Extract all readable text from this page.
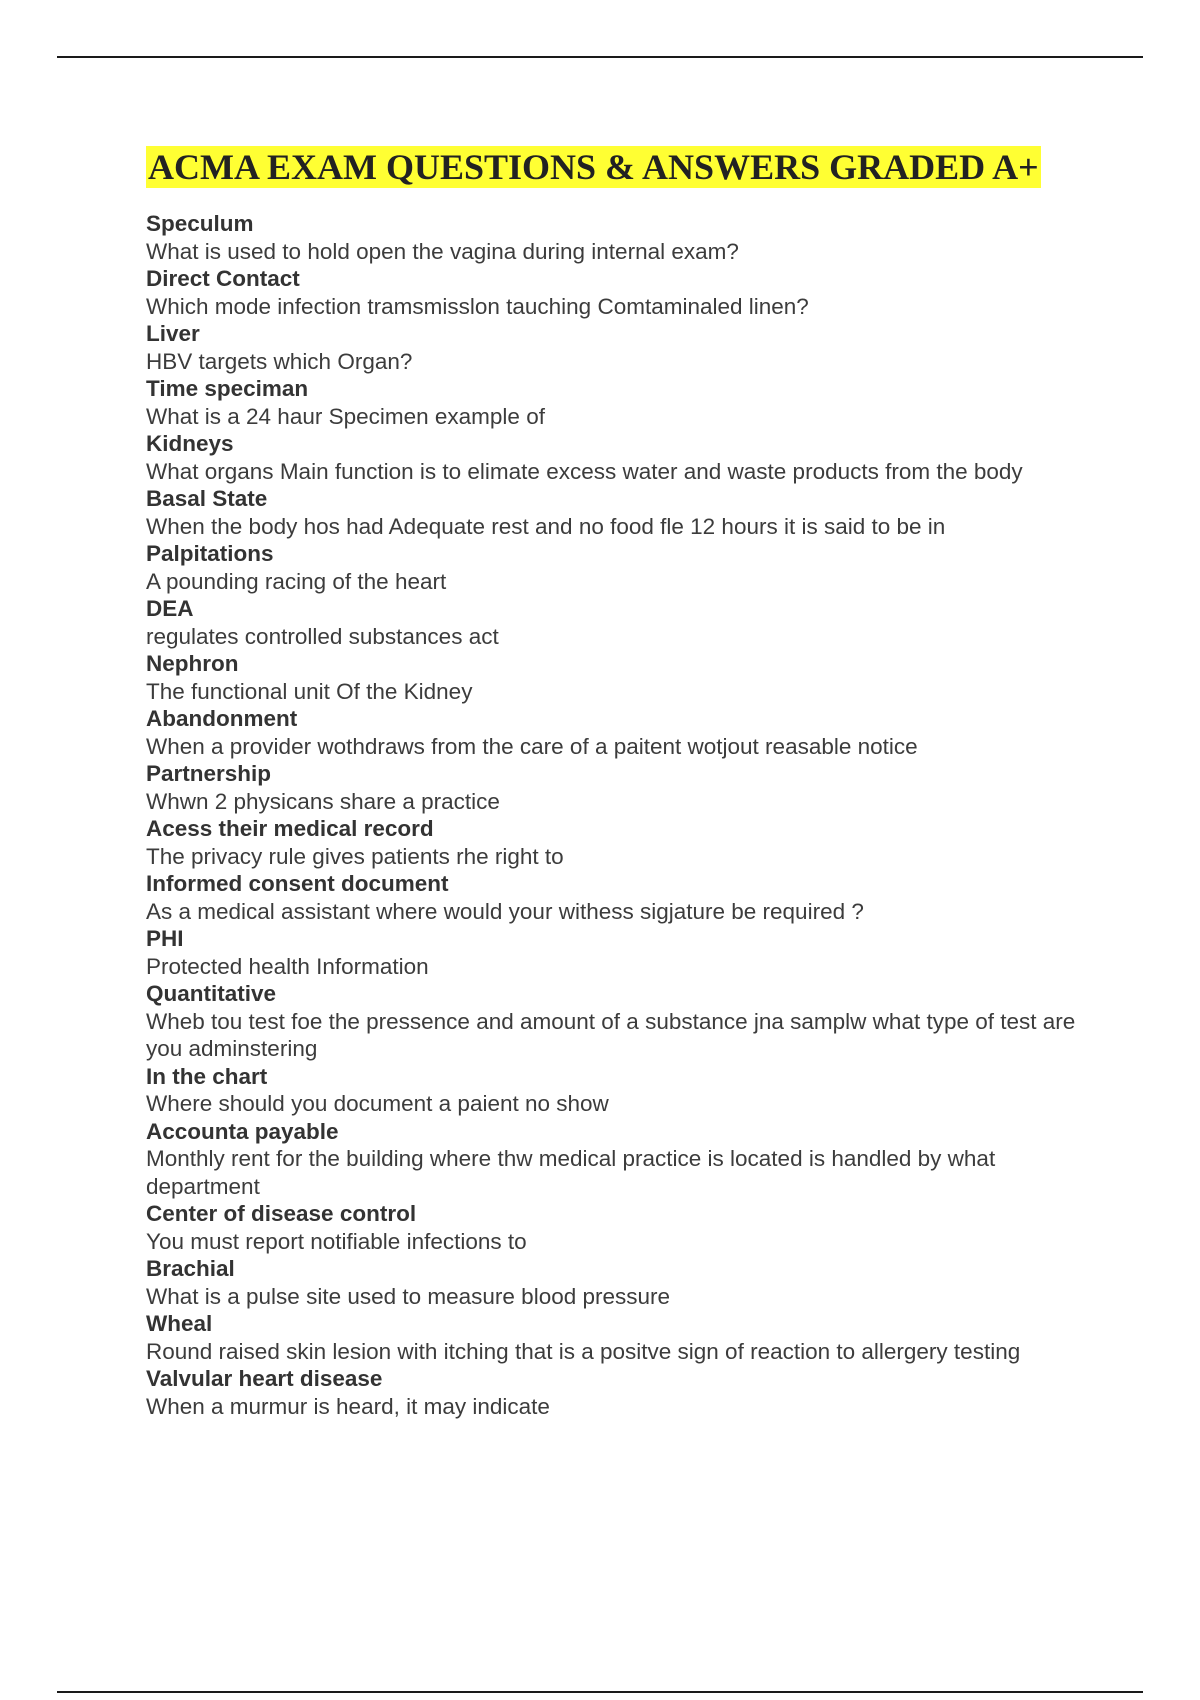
ACMA EXAM QUESTIONS & ANSWERS GRADED A+
Speculum
What is used to hold open the vagina during internal exam?
Direct Contact
Which mode infection tramsmisslon tauching Comtaminaled linen?
Liver
HBV targets which Organ?
Time speciman
What is a 24 haur Specimen example of
Kidneys
What organs Main function is to elimate excess water and waste products from the body
Basal State
When the body hos had Adequate rest and no food fle 12 hours it is said to be in
Palpitations
A pounding racing of the heart
DEA
regulates controlled substances act
Nephron
The functional unit Of the Kidney
Abandonment
When a provider wothdraws from the care of a paitent wotjout reasable notice
Partnership
Whwn 2 physicans share a practice
Acess their medical record
The privacy rule gives patients rhe right to
Informed consent document
As a medical assistant where would your withess sigjature be required ?
PHI
Protected health Information
Quantitative
Wheb tou test foe the pressence and amount of a substance jna samplw what type of test are you adminstering
In the chart
Where should you document a paient no show
Accounta payable
Monthly rent for the building where thw medical practice is located is handled by what department
Center of disease control
You must report notifiable infections to
Brachial
What is a pulse site used to measure blood pressure
Wheal
Round raised skin lesion with itching that is a positve sign of reaction to allergery testing
Valvular heart disease
When a murmur is heard, it may indicate
